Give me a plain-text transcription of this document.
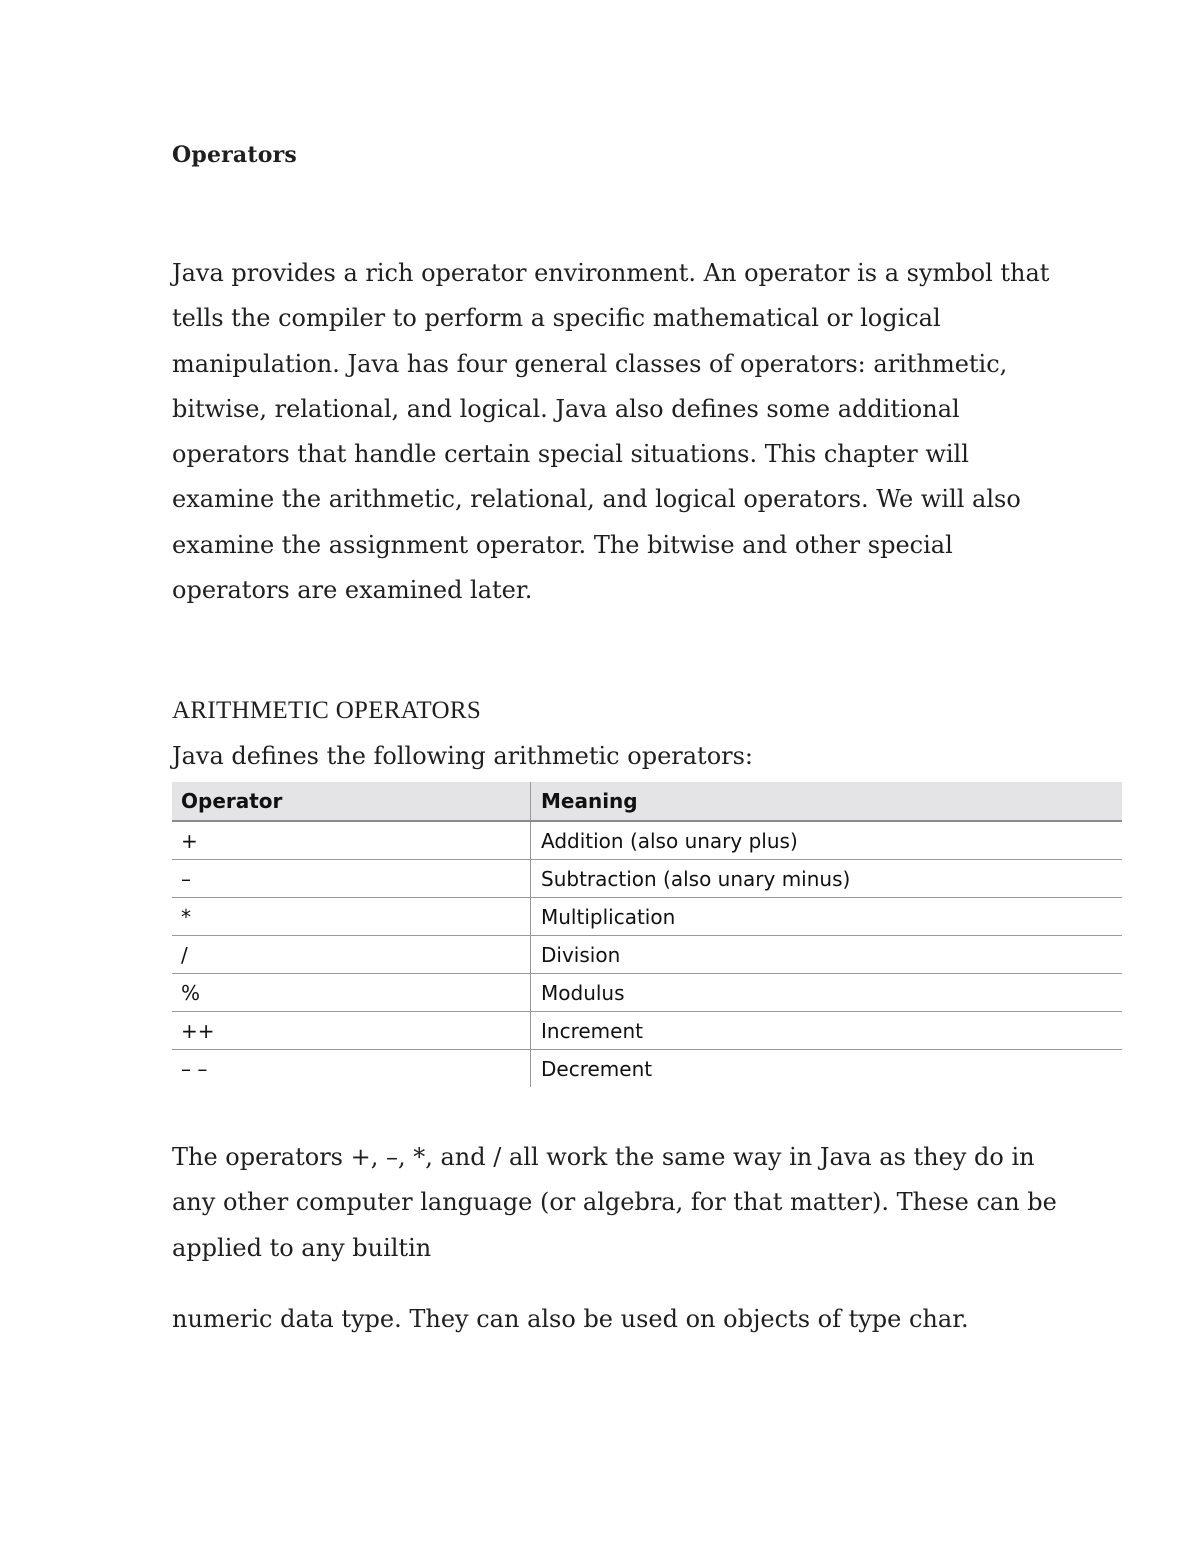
Operators
Java provides a rich operator environment. An operator is a symbol that
tells the compiler to perform a specific mathematical or logical
manipulation. Java has four general classes of operators: arithmetic,
bitwise, relational, and logical. Java also defines some additional
operators that handle certain special situations. This chapter will
examine the arithmetic, relational, and logical operators. We will also
examine the assignment operator. The bitwise and other special
operators are examined later.
ARITHMETIC OPERATORS

Java defines the following arithmetic operators:

Operator	Meaning
+	Addition (also unary plus)
–	Subtraction (also unary minus)
*	Multiplication
/	Division
%	Modulus
++	Increment
– –	Decrement
The operators +, –, *, and / all work the same way in Java as they do in
any other computer language (or algebra, for that matter). These can be
applied to any builtin

numeric data type. They can also be used on objects of type char.
